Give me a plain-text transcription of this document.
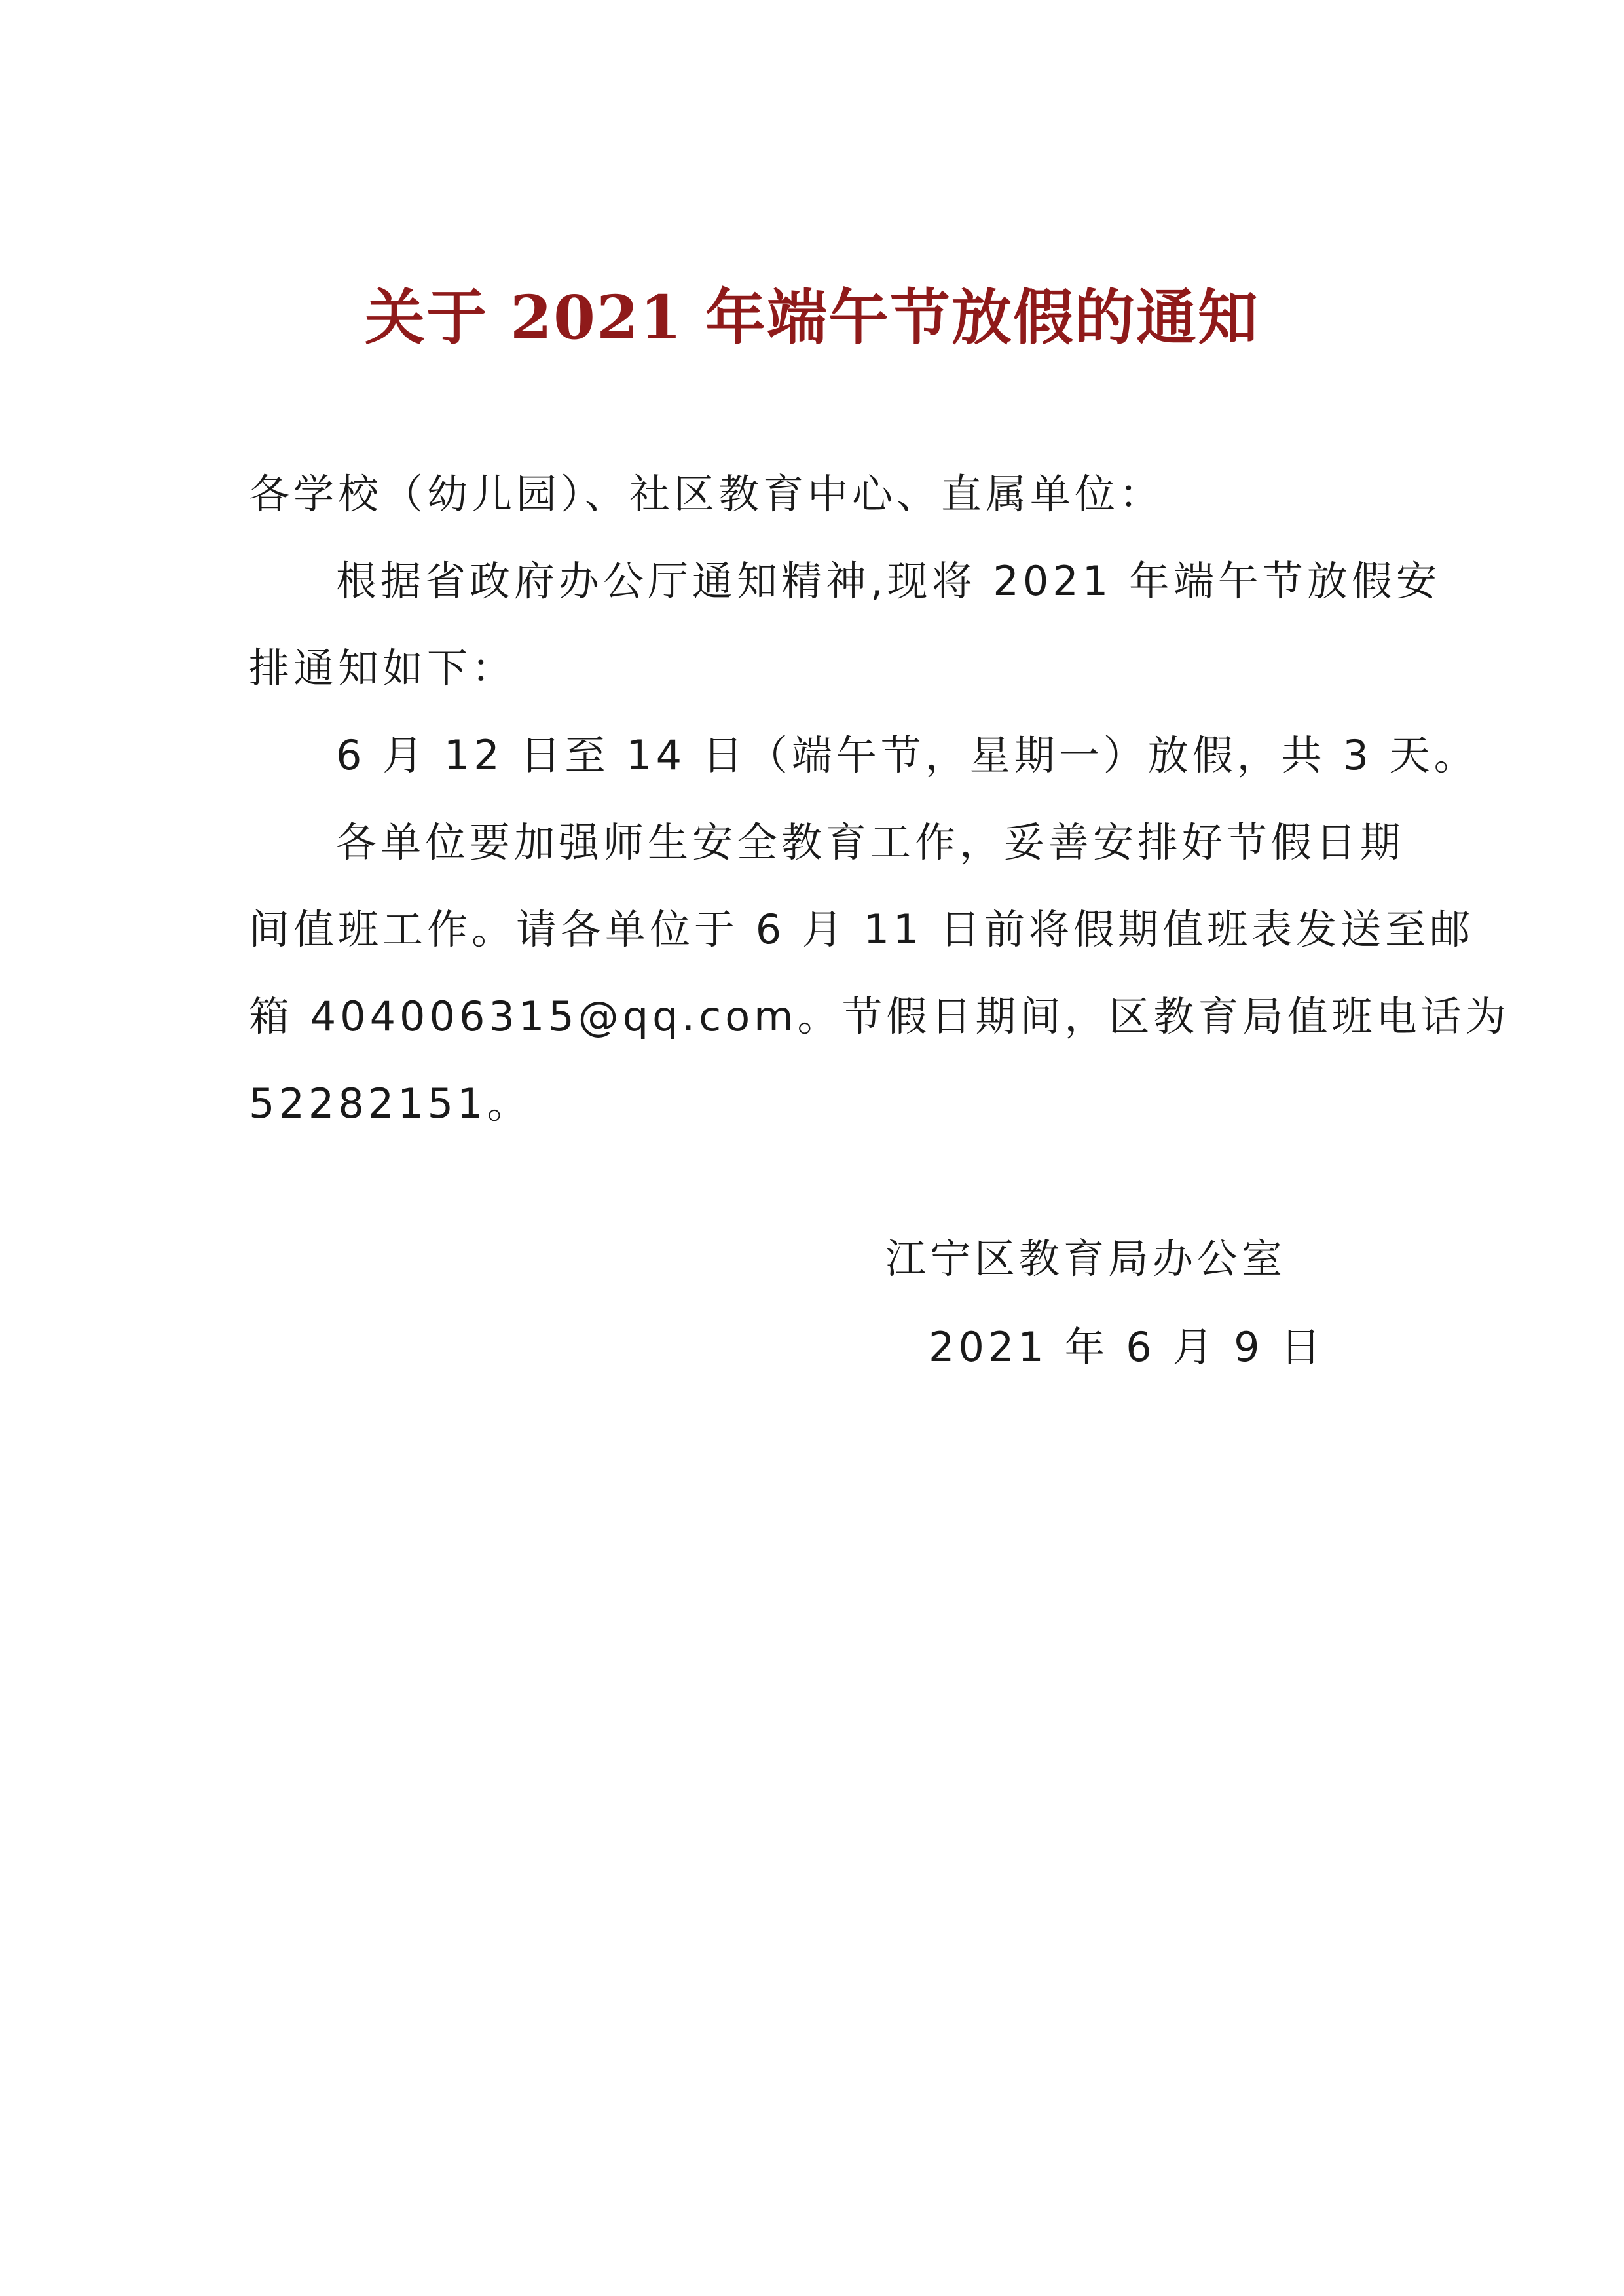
关于 2021 年端午节放假的通知
各学校（幼儿园）、社区教育中心、直属单位：
根据省政府办公厅通知精神,现将 2021 年端午节放假安
排通知如下：
6 月 12 日至 14 日（端午节，星期一）放假，共 3 天。
各单位要加强师生安全教育工作，妥善安排好节假日期
间值班工作。请各单位于 6 月 11 日前将假期值班表发送至邮
箱 404006315@qq.com。节假日期间，区教育局值班电话为
52282151。
江宁区教育局办公室
2021 年 6 月 9 日
